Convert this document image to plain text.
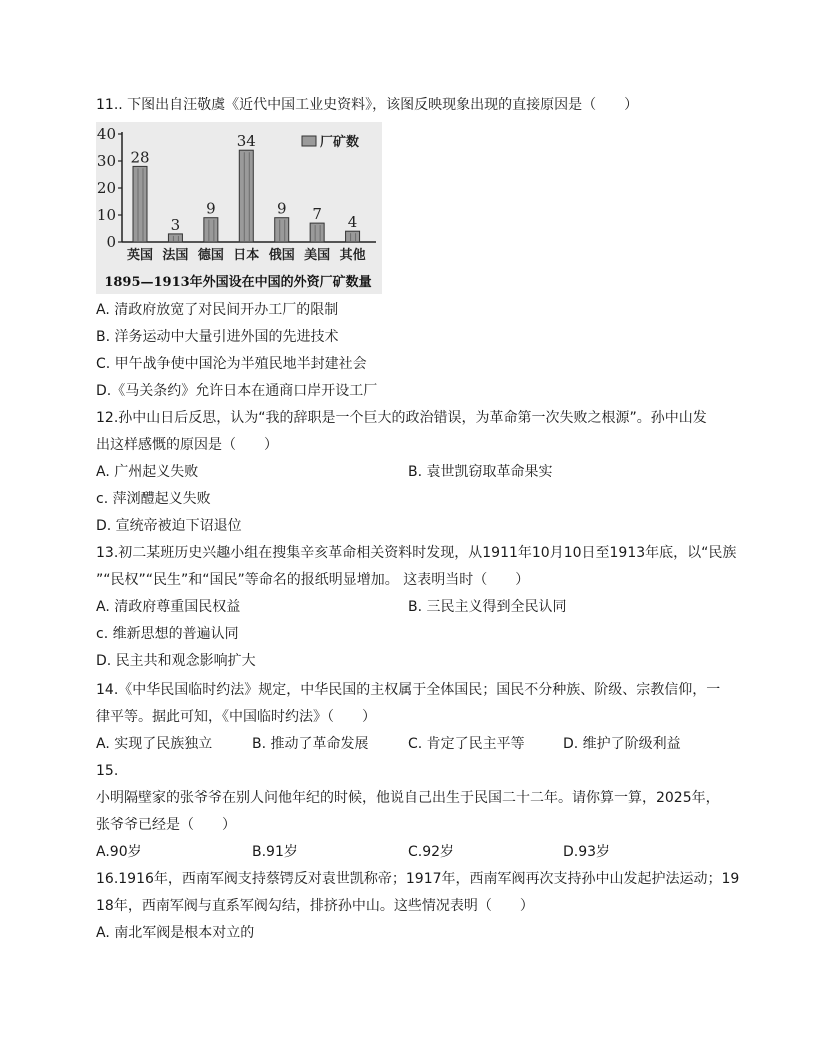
11.. 下图出自汪敬虞《近代中国工业史资料》，该图反映现象出现的直接原因是（　　）
0
10
20
30
40
28
英国
3
法国
9
德国
34
日本
9
俄国
7
美国
4
其他
厂矿数
1895—1913年外国设在中国的外资厂矿数量
A. 清政府放宽了对民间开办工厂的限制
B. 洋务运动中大量引进外国的先进技术
C. 甲午战争使中国沦为半殖民地半封建社会
D.《马关条约》允许日本在通商口岸开设工厂
12.孙中山日后反思，认为“我的辞职是一个巨大的政治错误，为革命第一次失败之根源”。孙中山发
出这样感慨的原因是（　　）
A. 广州起义失败	B. 袁世凯窃取革命果实
c. 萍浏醴起义失败
D. 宣统帝被迫下诏退位
13.初二某班历史兴趣小组在搜集辛亥革命相关资料时发现，从1911年10月10日至1913年底，以“民族
”“民权”“民生”和“国民”等命名的报纸明显增加。 这表明当时（　　）
A. 清政府尊重国民权益	B. 三民主义得到全民认同
c. 维新思想的普遍认同
D. 民主共和观念影响扩大
14.《中华民国临时约法》规定，中华民国的主权属于全体国民；国民不分种族、阶级、宗教信仰，一
律平等。据此可知，《中国临时约法》（　　）
A. 实现了民族独立	B. 推动了革命发展	C. 肯定了民主平等	D. 维护了阶级利益
15.
小明隔壁家的张爷爷在别人问他年纪的时候，他说自己出生于民国二十二年。请你算一算，2025年，
张爷爷已经是（　　）
A.90岁	B.91岁	C.92岁	D.93岁
16.1916年，西南军阀支持蔡锷反对袁世凯称帝；1917年，西南军阀再次支持孙中山发起护法运动；19
18年，西南军阀与直系军阀勾结，排挤孙中山。这些情况表明（　　）
A. 南北军阀是根本对立的
